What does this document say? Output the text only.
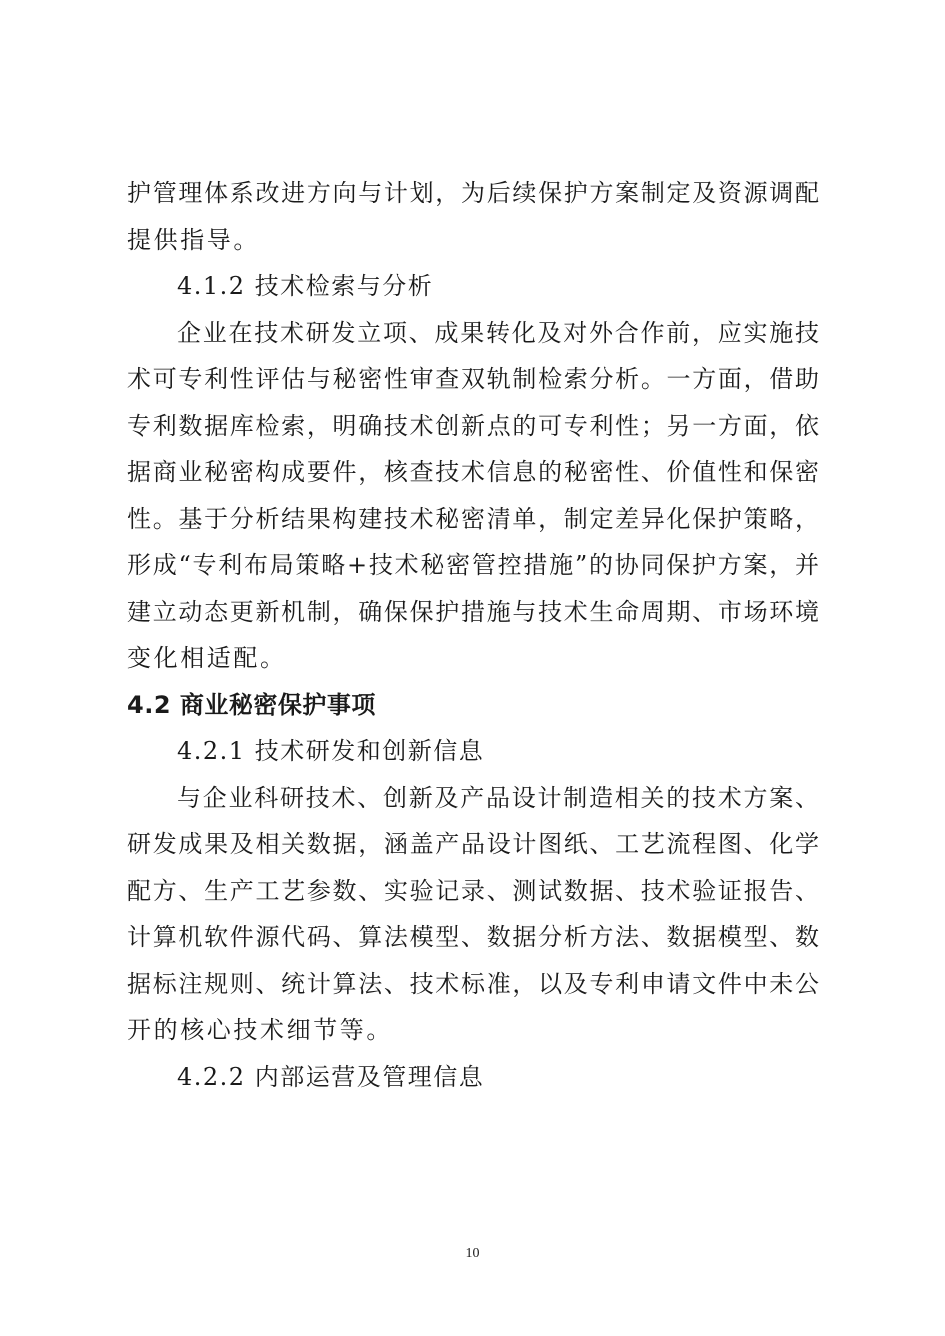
护管理体系改进方向与计划，为后续保护方案制定及资源调配
提供指导。
4.1.2 技术检索与分析
企业在技术研发立项、成果转化及对外合作前，应实施技
术可专利性评估与秘密性审查双轨制检索分析。一方面，借助
专利数据库检索，明确技术创新点的可专利性；另一方面，依
据商业秘密构成要件，核查技术信息的秘密性、价值性和保密
性。基于分析结果构建技术秘密清单，制定差异化保护策略，
形成“专利布局策略+技术秘密管控措施”的协同保护方案，并
建立动态更新机制，确保保护措施与技术生命周期、市场环境
变化相适配。
4.2 商业秘密保护事项
4.2.1 技术研发和创新信息
与企业科研技术、创新及产品设计制造相关的技术方案、
研发成果及相关数据，涵盖产品设计图纸、工艺流程图、化学
配方、生产工艺参数、实验记录、测试数据、技术验证报告、
计算机软件源代码、算法模型、数据分析方法、数据模型、数
据标注规则、统计算法、技术标准，以及专利申请文件中未公
开的核心技术细节等。
4.2.2 内部运营及管理信息
10
